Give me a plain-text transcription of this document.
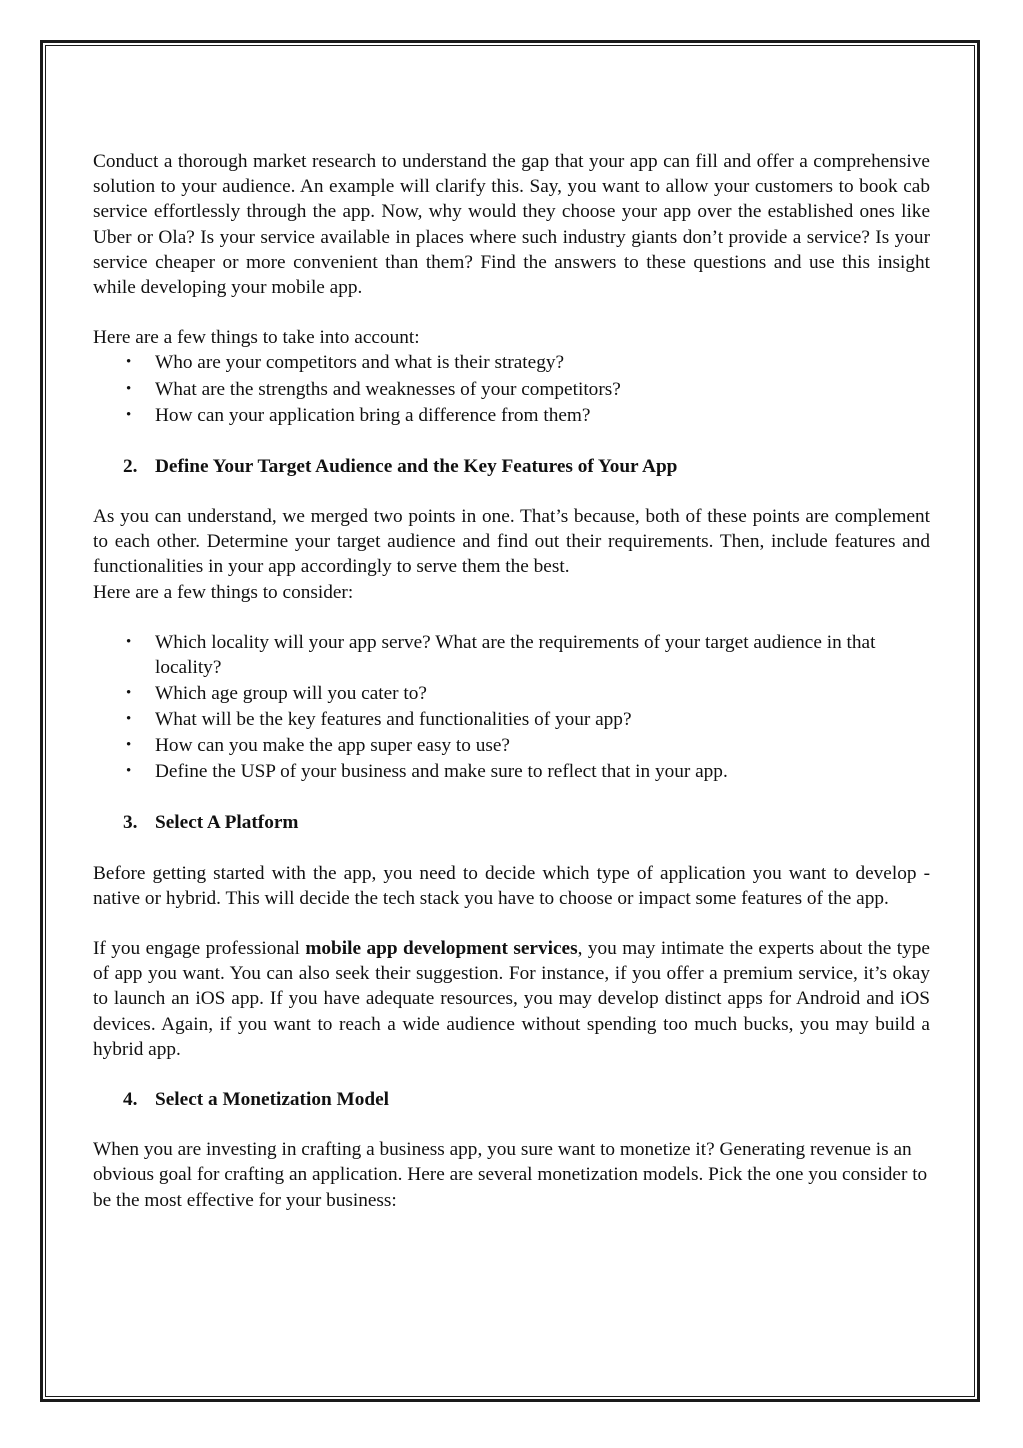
Conduct a thorough market research to understand the gap that your app can fill and offer a comprehensive solution to your audience. An example will clarify this. Say, you want to allow your customers to book cab service effortlessly through the app. Now, why would they choose your app over the established ones like Uber or Ola? Is your service available in places where such industry giants don’t provide a service? Is your service cheaper or more convenient than them? Find the answers to these questions and use this insight while developing your mobile app.

Here are a few things to take into account:

• Who are your competitors and what is their strategy?
• What are the strengths and weaknesses of your competitors?
• How can your application bring a difference from them?

2. Define Your Target Audience and the Key Features of Your App

As you can understand, we merged two points in one. That’s because, both of these points are complement to each other. Determine your target audience and find out their requirements. Then, include features and functionalities in your app accordingly to serve them the best.

Here are a few things to consider:

• Which locality will your app serve? What are the requirements of your target audience in that locality?
• Which age group will you cater to?
• What will be the key features and functionalities of your app?
• How can you make the app super easy to use?
• Define the USP of your business and make sure to reflect that in your app.

3. Select A Platform

Before getting started with the app, you need to decide which type of application you want to develop - native or hybrid. This will decide the tech stack you have to choose or impact some features of the app.

If you engage professional mobile app development services, you may intimate the experts about the type of app you want. You can also seek their suggestion. For instance, if you offer a premium service, it’s okay to launch an iOS app. If you have adequate resources, you may develop distinct apps for Android and iOS devices. Again, if you want to reach a wide audience without spending too much bucks, you may build a hybrid app.

4. Select a Monetization Model

When you are investing in crafting a business app, you sure want to monetize it? Generating revenue is an obvious goal for crafting an application. Here are several monetization models. Pick the one you consider to be the most effective for your business:
